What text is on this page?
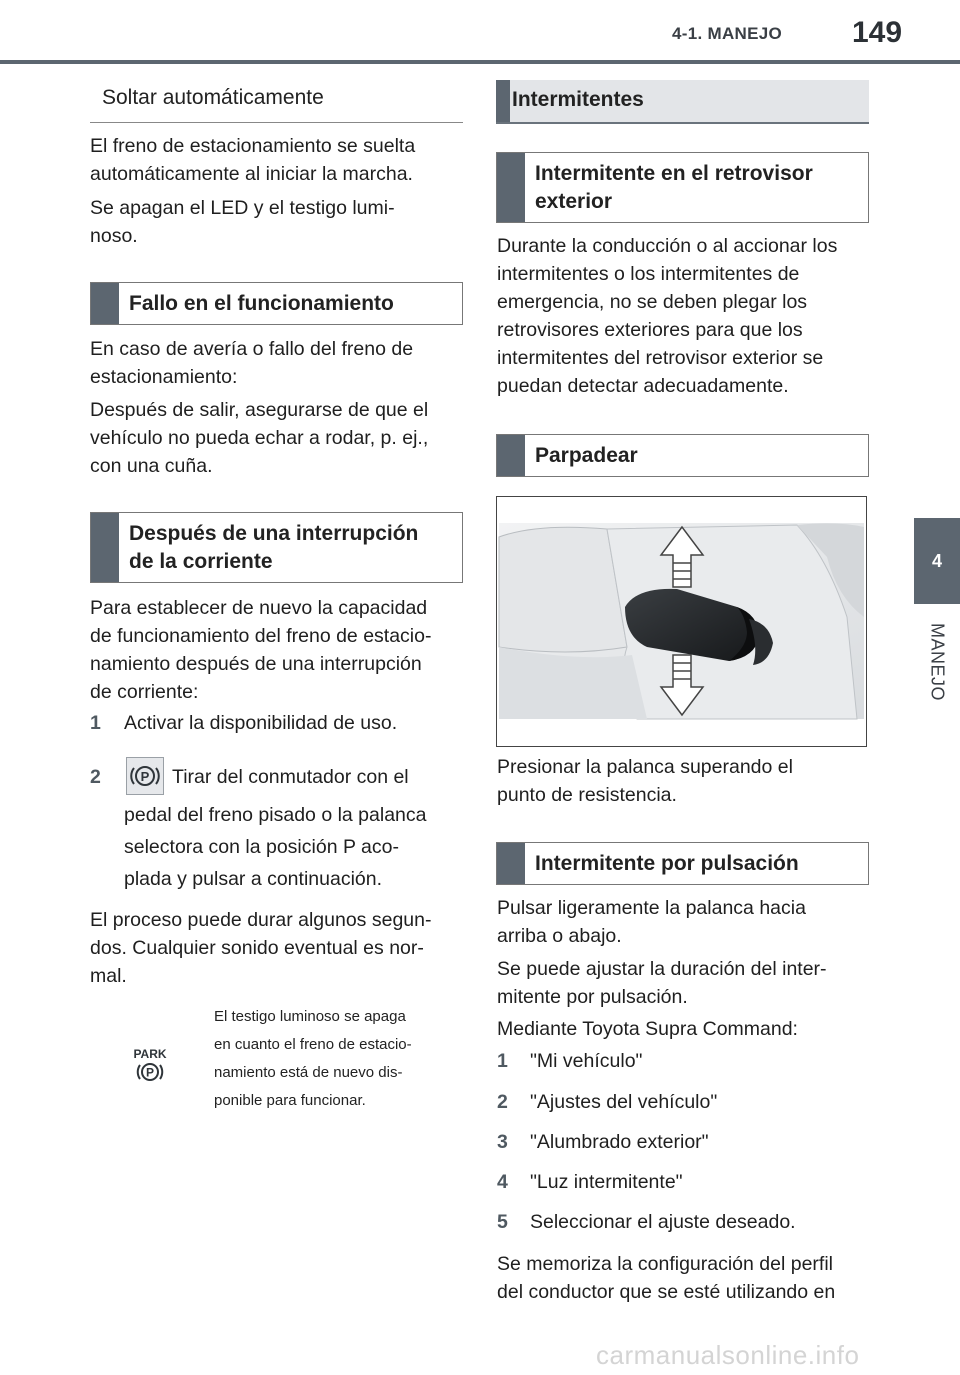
4-1. MANEJO 149
4
MANEJO
Soltar automáticamente
El freno de estacionamiento se suelta
automáticamente al iniciar la marcha.
Se apagan el LED y el testigo lumi-
noso.
Fallo en el funcionamiento
En caso de avería o fallo del freno de
estacionamiento:
Después de salir, asegurarse de que el
vehículo no pueda echar a rodar, p. ej.,
con una cuña.
Después de una interrupción
de la corriente
Para establecer de nuevo la capacidad
de funcionamiento del freno de estacio-
namiento después de una interrupción
de corriente:
1 Activar la disponibilidad de uso.
2	P Tirar del conmutador con el
pedal del freno pisado o la palanca
selectora con la posición P aco-
plada y pulsar a continuación.
El proceso puede durar algunos segun-
dos. Cualquier sonido eventual es nor-
mal.
PARK
P
El testigo luminoso se apaga
en cuanto el freno de estacio-
namiento está de nuevo dis-
ponible para funcionar.
Intermitentes
Intermitente en el retrovisor
exterior
Durante la conducción o al accionar los
intermitentes o los intermitentes de
emergencia, no se deben plegar los
retrovisores exteriores para que los
intermitentes del retrovisor exterior se
puedan detectar adecuadamente.
Parpadear
Presionar la palanca superando el
punto de resistencia.
Intermitente por pulsación
Pulsar ligeramente la palanca hacia
arriba o abajo.
Se puede ajustar la duración del inter-
mitente por pulsación.
Mediante Toyota Supra Command:
1 "Mi vehículo"
2 "Ajustes del vehículo"
3 "Alumbrado exterior"
4 "Luz intermitente"
5 Seleccionar el ajuste deseado.
Se memoriza la configuración del perfil
del conductor que se esté utilizando en
carmanualsonline.info
